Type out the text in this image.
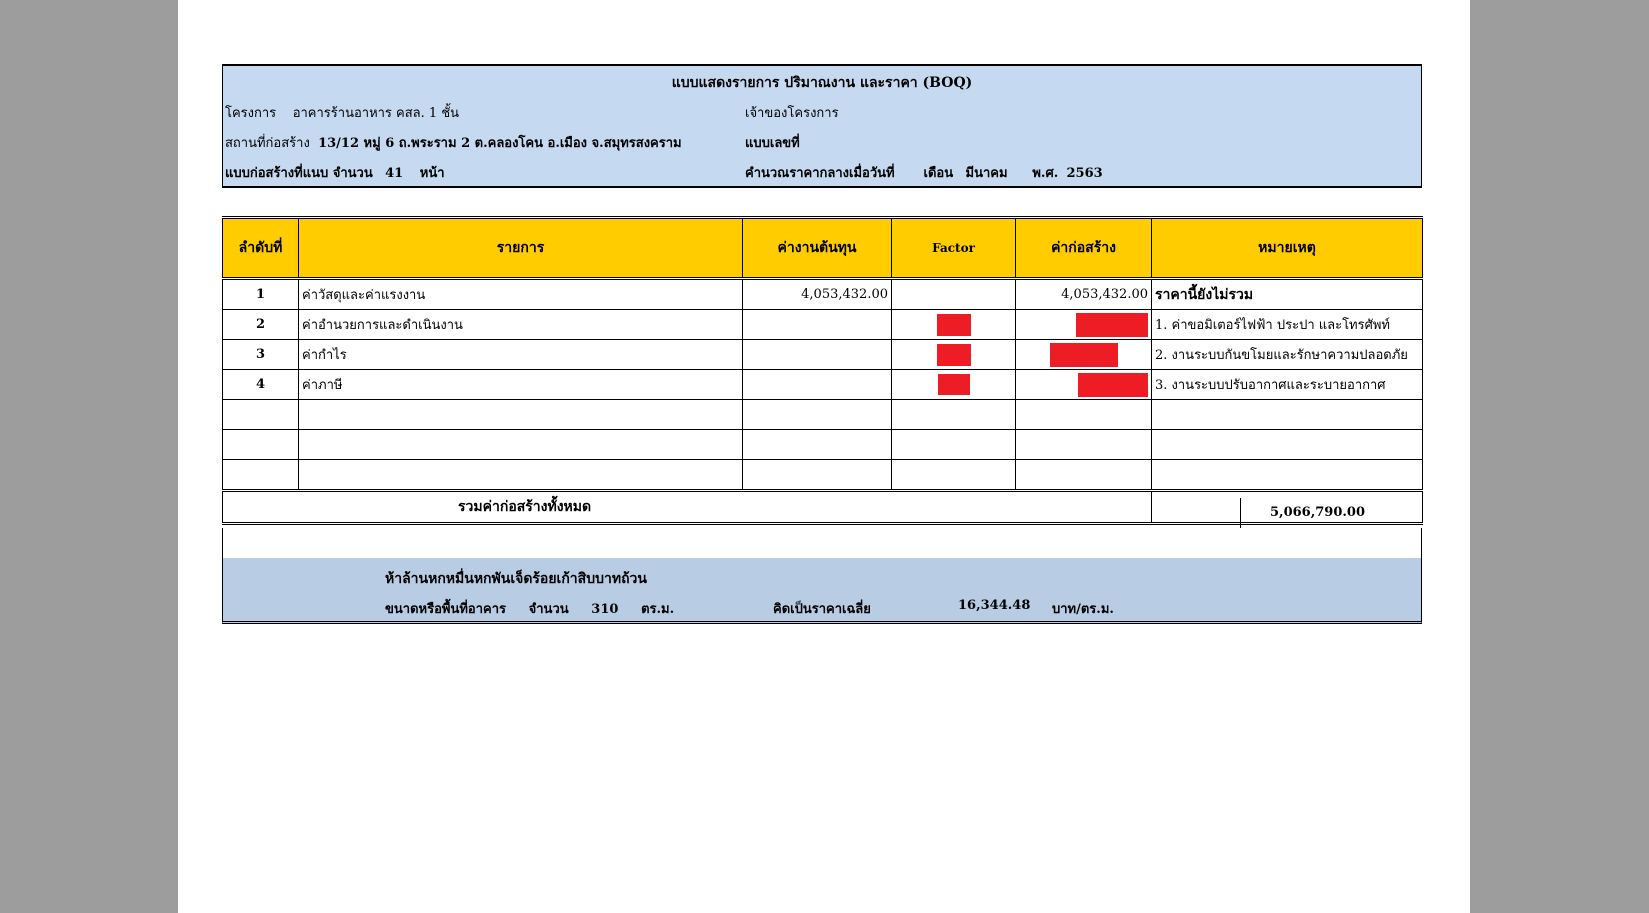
แบบแสดงรายการ ปริมาณงาน และราคา (BOQ)
โครงการ อาคารร้านอาหาร คสล. 1 ชั้น	เจ้าของโครงการ
สถานที่ก่อสร้าง 13/12 หมู่ 6 ถ.พระราม 2 ต.คลองโคน อ.เมือง จ.สมุทรสงคราม	แบบเลขที่
แบบก่อสร้างที่แนบ จำนวน 41 หน้า	คำนวณราคากลางเมื่อวันที่ เดือน มีนาคม พ.ศ. 2563
ลำดับที่	รายการ	ค่างานต้นทุน	Factor	ค่าก่อสร้าง	หมายเหตุ
1	ค่าวัสดุและค่าแรงงาน	4,053,432.00		4,053,432.00	ราคานี้ยังไม่รวม
2	ค่าอำนวยการและดำเนินงาน				1. ค่าขอมิเตอร์ไฟฟ้า ประปา และโทรศัพท์
3	ค่ากำไร				2. งานระบบกันขโมยและรักษาความปลอดภัย
4	ค่าภาษี				3. งานระบบปรับอากาศและระบายอากาศ

รวมค่าก่อสร้างทั้งหมด						5,066,790.00
ห้าล้านหกหมื่นหกพันเจ็ดร้อยเก้าสิบบาทถ้วน
ขนาดหรือพื้นที่อาคาร จำนวน 310 ตร.ม.	คิดเป็นราคาเฉลี่ย	16,344.48 บาท/ตร.ม.
